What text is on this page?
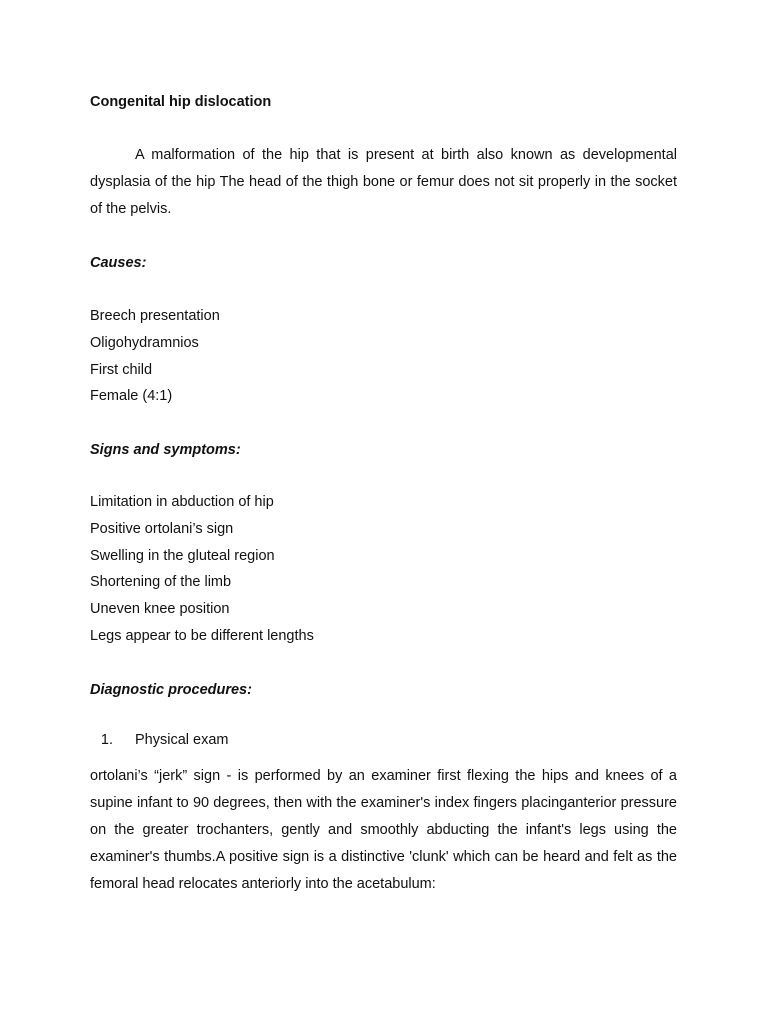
Congenital hip dislocation

A malformation of the hip that is present at birth also known as developmental dysplasia of the hip The head of the thigh bone or femur does not sit properly in the socket of the pelvis.

Causes:
Breech presentation
Oligohydramnios
First child
Female (4:1)
Signs and symptoms:
Limitation in abduction of hip
Positive ortolani’s sign
Swelling in the gluteal region
Shortening of the limb
Uneven knee position
Legs appear to be different lengths
Diagnostic procedures:
1. Physical exam

ortolani’s “jerk” sign - is performed by an examiner first flexing the hips and knees of a supine infant to 90 degrees, then with the examiner's index fingers placinganterior pressure on the greater trochanters, gently and smoothly abducting the infant's legs using the examiner's thumbs.A positive sign is a distinctive 'clunk' which can be heard and felt as the femoral head relocates anteriorly into the acetabulum:
